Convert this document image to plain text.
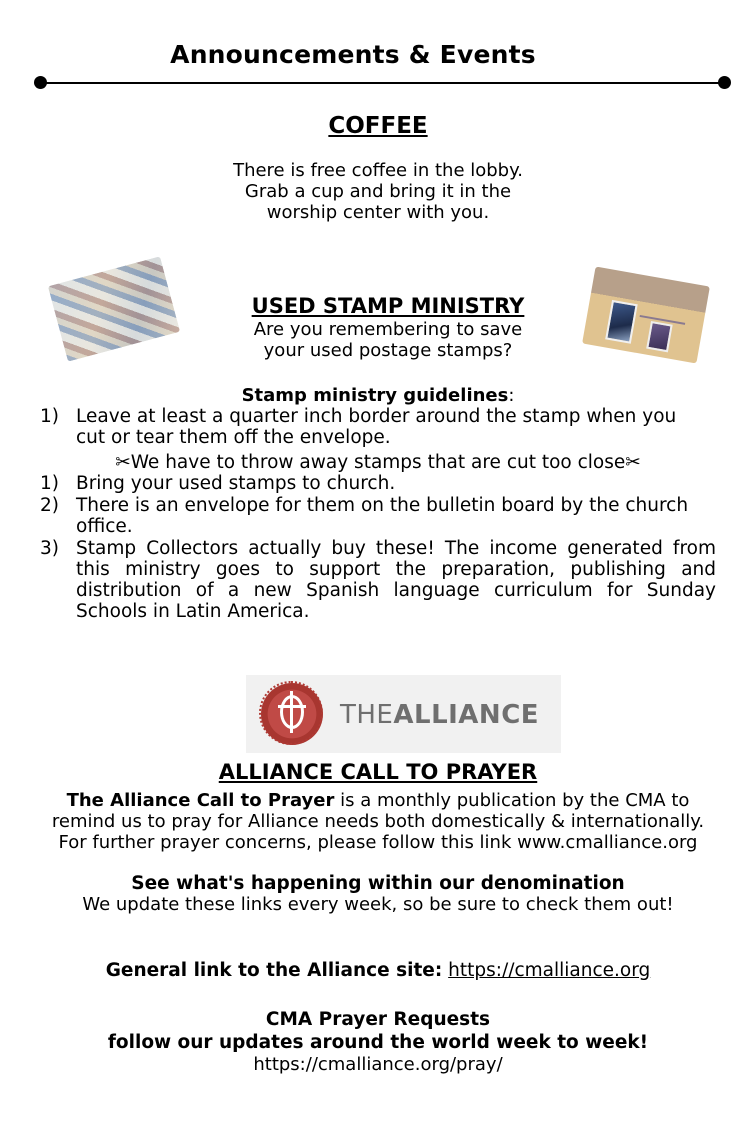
Announcements & Events
COFFEE
There is free coffee in the lobby.
Grab a cup and bring it in the
worship center with you.
USED STAMP MINISTRY
Are you remembering to save
your used postage stamps?
Stamp ministry guidelines:
1) Leave at least a quarter inch border around the stamp when you
cut or tear them off the envelope.
✂We have to throw away stamps that are cut too close✂
1) Bring your used stamps to church.
2) There is an envelope for them on the bulletin board by the church
office.
3) Stamp Collectors actually buy these! The income generated from
this ministry goes to support the preparation, publishing and
distribution of a new Spanish language curriculum for Sunday
Schools in Latin America.
THEALLIANCE
ALLIANCE CALL TO PRAYER
The Alliance Call to Prayer is a monthly publication by the CMA to
remind us to pray for Alliance needs both domestically & internationally.
For further prayer concerns, please follow this link www.cmalliance.org
See what's happening within our denomination
We update these links every week, so be sure to check them out!
General link to the Alliance site: https://cmalliance.org
CMA Prayer Requests
follow our updates around the world week to week!
https://cmalliance.org/pray/
